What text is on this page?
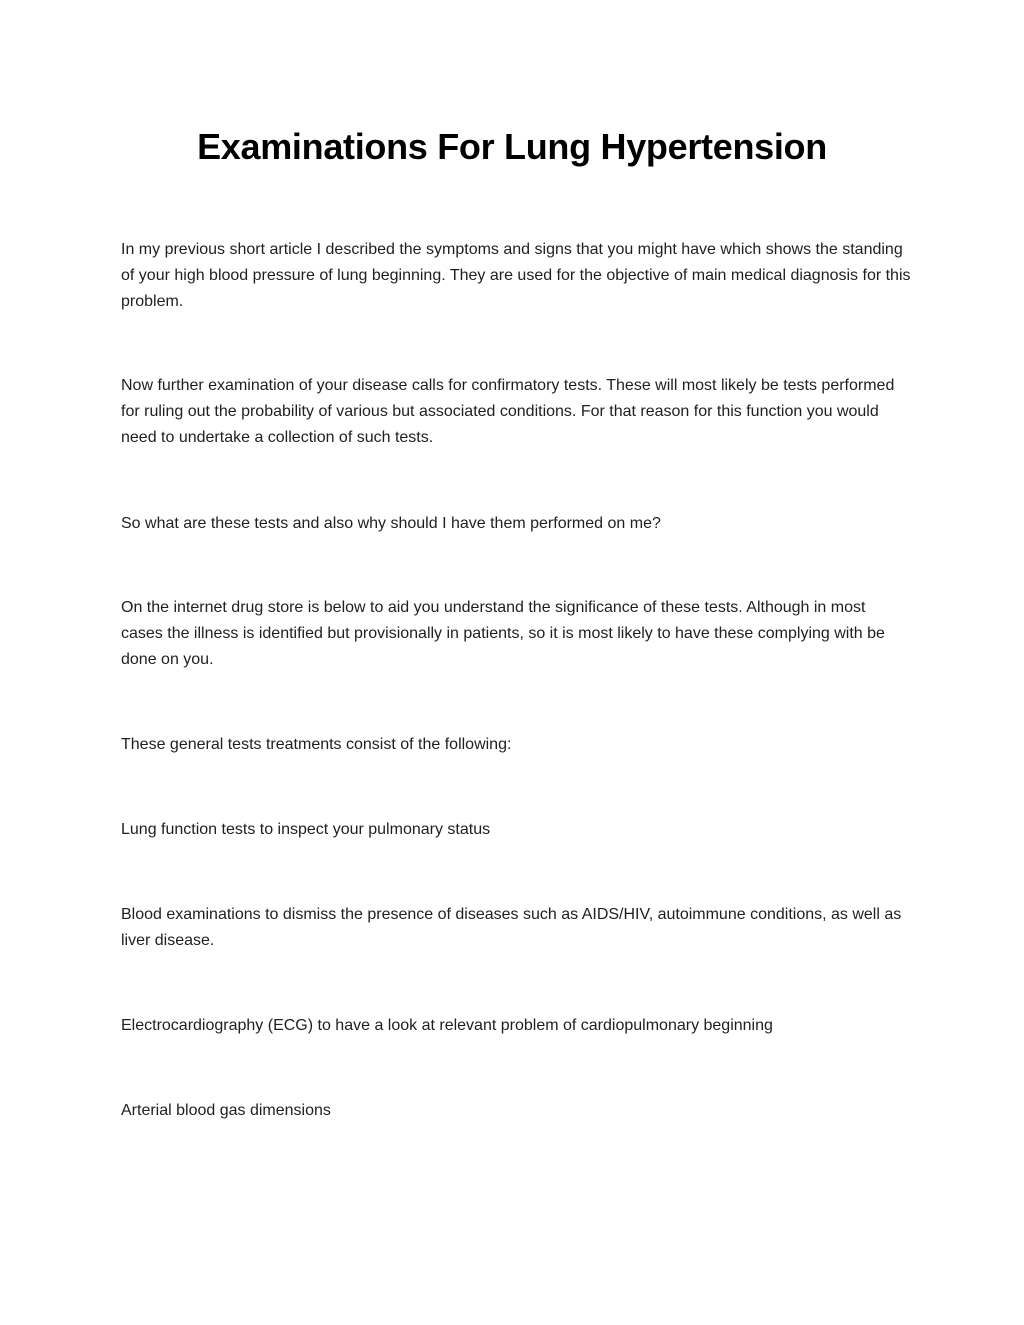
Examinations For Lung Hypertension

In my previous short article I described the symptoms and signs that you might have which shows the standing of your high blood pressure of lung beginning. They are used for the objective of main medical diagnosis for this problem.

Now further examination of your disease calls for confirmatory tests. These will most likely be tests performed for ruling out the probability of various but associated conditions. For that reason for this function you would need to undertake a collection of such tests.

So what are these tests and also why should I have them performed on me?

On the internet drug store is below to aid you understand the significance of these tests. Although in most cases the illness is identified but provisionally in patients, so it is most likely to have these complying with be done on you.

These general tests treatments consist of the following:

Lung function tests to inspect your pulmonary status

Blood examinations to dismiss the presence of diseases such as AIDS/HIV, autoimmune conditions, as well as liver disease.

Electrocardiography (ECG) to have a look at relevant problem of cardiopulmonary beginning

Arterial blood gas dimensions
